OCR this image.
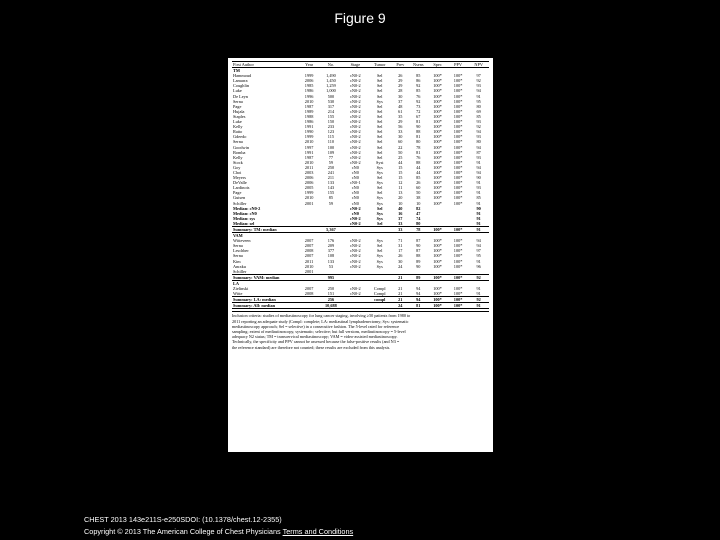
Figure 9
First Author	Year	No.	Stage	Tumor	Prev	Nsens	Spec	PPV	NPV
TM									
Hammoud	1999	1,490	cN0-2	Sel	26	85	100*	100*	97
Lamarra	2006	1,450	cN0-2	Sel	29	86	100*	100*	92
Coughlin	1985	1,259	cN0-2	Sel	29	92	100*	100*	93
Luke	1986	1,000	cN0-2	Sel	28	85	100*	100*	94
De Leyn	1996	500	cN0-2	Sel	30	76	100*	100*	91
Serna	2010	530	cN0-2	Sys	37	92	100*	100*	95
Page	1987	317	cN0-2	Sel	48	73	100*	100*	80
Hujala	1989	214	cN0-2	Sel	61	72	100*	100*	69
Staples	1988	155	cN0-2	Sel	35	67	100*	100*	85
Luke	1986	150	cN0-2	Sel	29	81	100*	100*	93
Kelly	1991	233	cN0-2	Sel	56	90	100*	100*	92
Ratto	1990	123	cN0-2	Sel	33	88	100*	100*	94
Gdeedo	1999	115	cN0-2	Sel	30	81	100*	100*	93
Serna	2010	110	cN0-2	Sel	60	80	100*	100*	80
Goodwin	1997	100	cN0-2	Sel	22	78	100*	100*	94
Bomba	1991	109	cN0-2	Sel	50	81	100*	100*	87
Kelly	1987	77	cN0-2	Sel	25	76	100*	100*	93
Stock	2010	59	cN0-2	Syst	44	88	100*	100*	91
Goy	2011	250	cN0	Sys	15	44	100*	100*	94
Choi	2003	241	cN0	Sys	15	44	100*	100*	94
Meyers	2006	211	cN0	Sel	15	85	100*	100*	90
DeValle	2006	133	cN0-1	Sys	12	26	100*	100*	91
Lardinois	2005	143	cN0	Sel	11	60	100*	100*	93
Page	1999	155	cN0	Sel	13	50	100*	100*	91
Gutsen	2010	85	cN0	Sys	20	38	100*	100*	85
Schiller	2001	59	cN0	Sys	10	10	100*	100*	91
Median: cN0-2			cN0-2	Sel	40	82			90
Median: cN0			cN0	Sys	16	47			91
Median: sys			cN0-2	Sys	37	74			91
Median: sel			cN0-2	Sel	33	80			91
Summary: TM: median		5,367			33	78	100*	100*	91
VAM									
Witteveen	2007	176	cN0-2	Sys	71	87	100*	100*	94
Serna	2007	209	cN0-2	Sel	31	90	100*	100*	94
Leschber	2008	377	cN0-2	Sel	17	87	100*	100*	97
Serna	2007	108	cN0-2	Sys	26	88	100*	100*	95
Kim	2011	133	cN0-2	Sys	30	89	100*	100*	91
Anraku	2010	53	cN0-2	Sys	24	90	100*	100*	96
Schiller	2001								
Summary: VAM: median		995			21	89	100*	100*	92
LA									
Zielinski	2007	250	cN0-2	Compl	21	94	100*	100*	91
Witte	2008	151	cN0-2	Compl	21	94	100*	100*	91
Summary: LA: median		256		compl	21	94	100*	100*	92
Summary: All: median		10,688			24	81	100*	100*	91
Inclusion criteria: studies of mediastinoscopy for lung cancer staging, involving ≥50 patients from 1980 to
2011 reporting an adequate study (Compl: complete; LA: mediastinal lymphadenectomy; Sys: systematic
mediastinoscopy approach; Sel = selective) in a consecutive fashion. The 5-level rated for reference
sampling; extent of mediastinoscopy, systematic; selective; but full versions, mediastinoscopy = 5-level
adequacy N2 status; TM = transcervical mediastinoscopy; VAM = video-assisted mediastinoscopy.
Technically, the specificity and PPV cannot be assessed because the false-positive results (and N3 =
the reference standard) are therefore not counted; these results are excluded from this analysis.
CHEST 2013 143e211S-e250SDOI: (10.1378/chest.12-2355)
Copyright © 2013 The American College of Chest Physicians Terms and Conditions
